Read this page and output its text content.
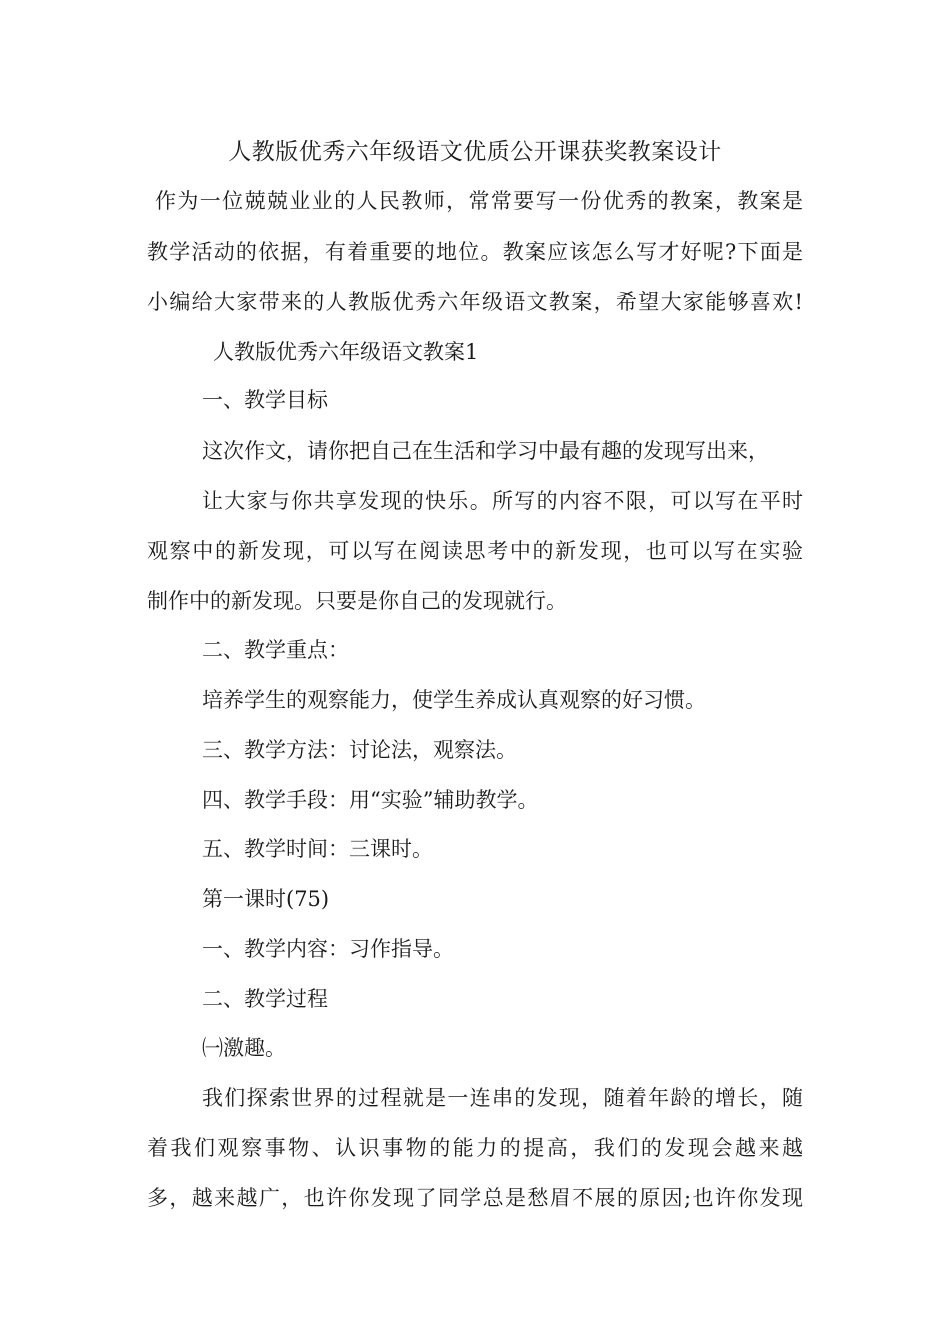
人教版优秀六年级语文优质公开课获奖教案设计
作为一位兢兢业业的人民教师，常常要写一份优秀的教案，教案是
教学活动的依据，有着重要的地位。教案应该怎么写才好呢?下面是
小编给大家带来的人教版优秀六年级语文教案，希望大家能够喜欢!
人教版优秀六年级语文教案1
一、教学目标
这次作文，请你把自己在生活和学习中最有趣的发现写出来，
让大家与你共享发现的快乐。所写的内容不限，可以写在平时
观察中的新发现，可以写在阅读思考中的新发现，也可以写在实验
制作中的新发现。只要是你自己的发现就行。
二、教学重点：
培养学生的观察能力，使学生养成认真观察的好习惯。
三、教学方法：讨论法，观察法。
四、教学手段：用“实验”辅助教学。
五、教学时间：三课时。
第一课时(75)
一、教学内容：习作指导。
二、教学过程
㈠激趣。
我们探索世界的过程就是一连串的发现，随着年龄的增长，随
着我们观察事物、认识事物的能力的提高，我们的发现会越来越
多，越来越广，也许你发现了同学总是愁眉不展的原因;也许你发现
